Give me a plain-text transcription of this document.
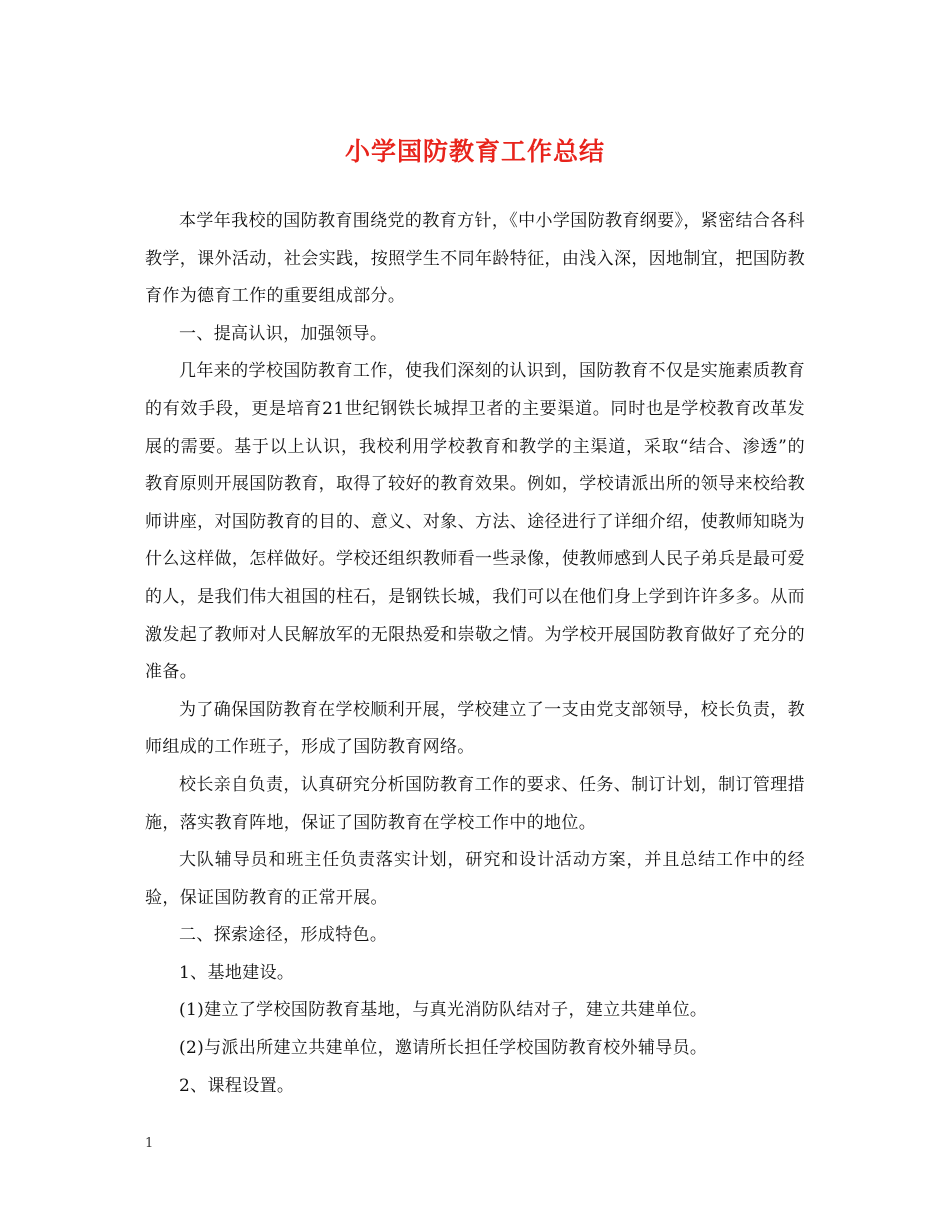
小学国防教育工作总结

本学年我校的国防教育围绕党的教育方针，《中小学国防教育纲要》，紧密结合各科教学，课外活动，社会实践，按照学生不同年龄特征，由浅入深，因地制宜，把国防教育作为德育工作的重要组成部分。

一、提高认识，加强领导。

几年来的学校国防教育工作，使我们深刻的认识到，国防教育不仅是实施素质教育的有效手段，更是培育21世纪钢铁长城捍卫者的主要渠道。同时也是学校教育改革发展的需要。基于以上认识，我校利用学校教育和教学的主渠道，采取“结合、渗透”的教育原则开展国防教育，取得了较好的教育效果。例如，学校请派出所的领导来校给教师讲座，对国防教育的目的、意义、对象、方法、途径进行了详细介绍，使教师知晓为什么这样做，怎样做好。学校还组织教师看一些录像，使教师感到人民子弟兵是最可爱的人，是我们伟大祖国的柱石，是钢铁长城，我们可以在他们身上学到许许多多。从而激发起了教师对人民解放军的无限热爱和崇敬之情。为学校开展国防教育做好了充分的准备。

为了确保国防教育在学校顺利开展，学校建立了一支由党支部领导，校长负责，教师组成的工作班子，形成了国防教育网络。

校长亲自负责，认真研究分析国防教育工作的要求、任务、制订计划，制订管理措施，落实教育阵地，保证了国防教育在学校工作中的地位。

大队辅导员和班主任负责落实计划，研究和设计活动方案，并且总结工作中的经验，保证国防教育的正常开展。

二、探索途径，形成特色。

1、基地建设。

(1)建立了学校国防教育基地，与真光消防队结对子，建立共建单位。

(2)与派出所建立共建单位，邀请所长担任学校国防教育校外辅导员。

2、课程设置。

1
